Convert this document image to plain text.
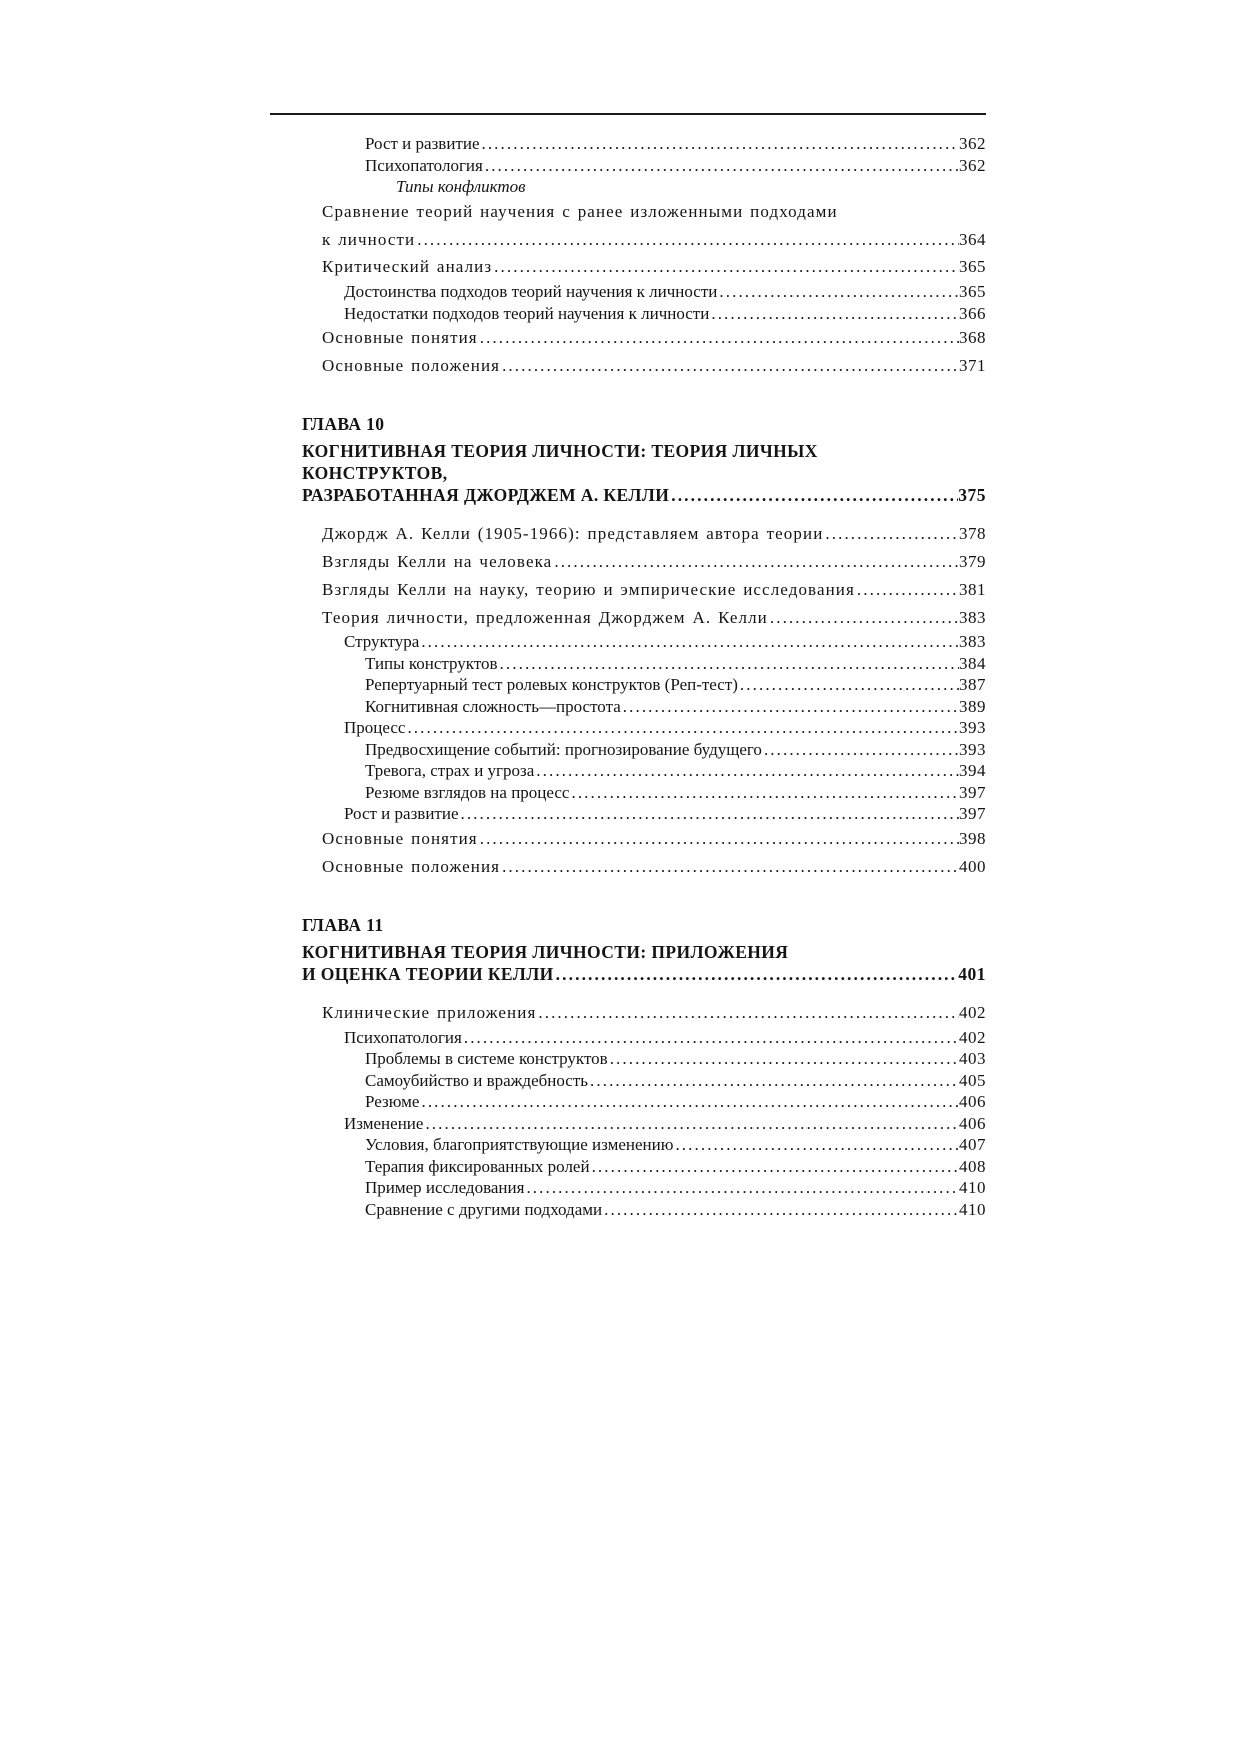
Рост и развитие .....	362
Психопатология .....	362
Типы конфликтов
Сравнение теорий научения с ранее изложенными подходами
к личности .....	364
Критический анализ .....	365
Достоинства подходов теорий научения к личности .....	365
Недостатки подходов теорий научения к личности .....	366
Основные понятия .....	368
Основные положения .....	371
ГЛАВА 10
КОГНИТИВНАЯ ТЕОРИЯ ЛИЧНОСТИ: ТЕОРИЯ ЛИЧНЫХ
КОНСТРУКТОВ,
РАЗРАБОТАННАЯ ДЖОРДЖЕМ А. КЕЛЛИ .....	375
Джордж А. Келли (1905-1966): представляем автора теории .....	378
Взгляды Келли на человека .....	379
Взгляды Келли на науку, теорию и эмпирические исследования .....	381
Теория личности, предложенная Джорджем А. Келли .....	383
Структура .....	383
Типы конструктов .....	384
Репертуарный тест ролевых конструктов (Реп-тест) .....	387
Когнитивная сложность—простота .....	389
Процесс .....	393
Предвосхищение событий: прогнозирование будущего .....	393
Тревога, страх и угроза .....	394
Резюме взглядов на процесс .....	397
Рост и развитие .....	397
Основные понятия .....	398
Основные положения .....	400
ГЛАВА 11
КОГНИТИВНАЯ ТЕОРИЯ ЛИЧНОСТИ: ПРИЛОЖЕНИЯ
И ОЦЕНКА ТЕОРИИ КЕЛЛИ .....	401
Клинические приложения .....	402
Психопатология .....	402
Проблемы в системе конструктов .....	403
Самоубийство и враждебность .....	405
Резюме .....	406
Изменение .....	406
Условия, благоприятствующие изменению .....	407
Терапия фиксированных ролей .....	408
Пример исследования .....	410
Сравнение с другими подходами .....	410
